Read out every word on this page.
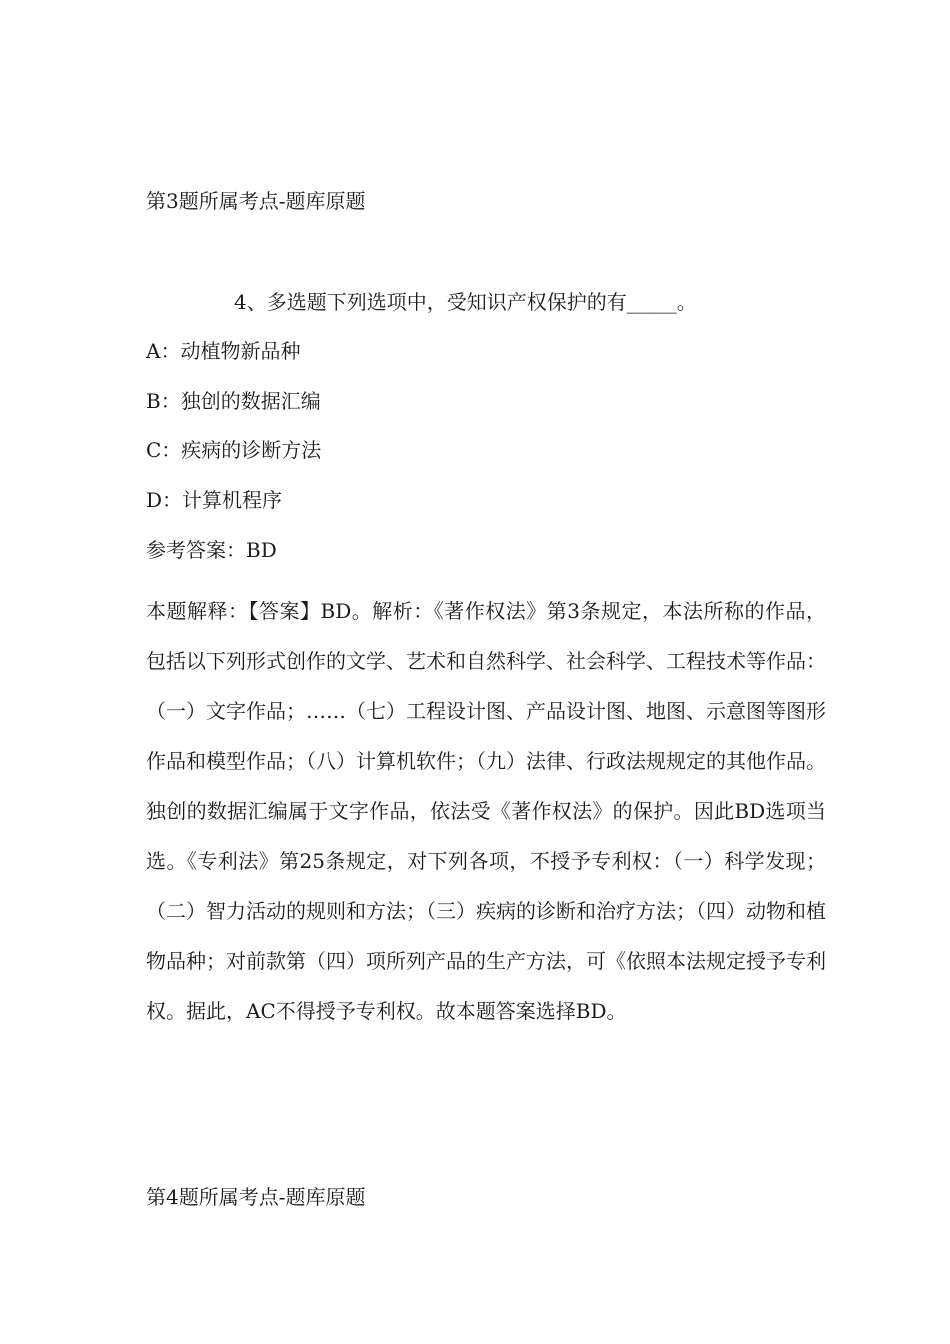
第3题所属考点-题库原题
4、多选题下列选项中，受知识产权保护的有_____。
A：动植物新品种
B：独创的数据汇编
C：疾病的诊断方法
D：计算机程序
参考答案：BD

本题解释：【答案】BD。解析：《著作权法》第3条规定，本法所称的作品，包括以下列形式创作的文学、艺术和自然科学、社会科学、工程技术等作品：（一）文字作品；……（七）工程设计图、产品设计图、地图、示意图等图形作品和模型作品；（八）计算机软件；（九）法律、行政法规规定的其他作品。独创的数据汇编属于文字作品，依法受《著作权法》的保护。因此BD选项当选。《专利法》第25条规定，对下列各项，不授予专利权：（一）科学发现；（二）智力活动的规则和方法；（三）疾病的诊断和治疗方法；（四）动物和植物品种；对前款第（四）项所列产品的生产方法，可《依照本法规定授予专利权。据此，AC不得授予专利权。故本题答案选择BD。

第4题所属考点-题库原题
